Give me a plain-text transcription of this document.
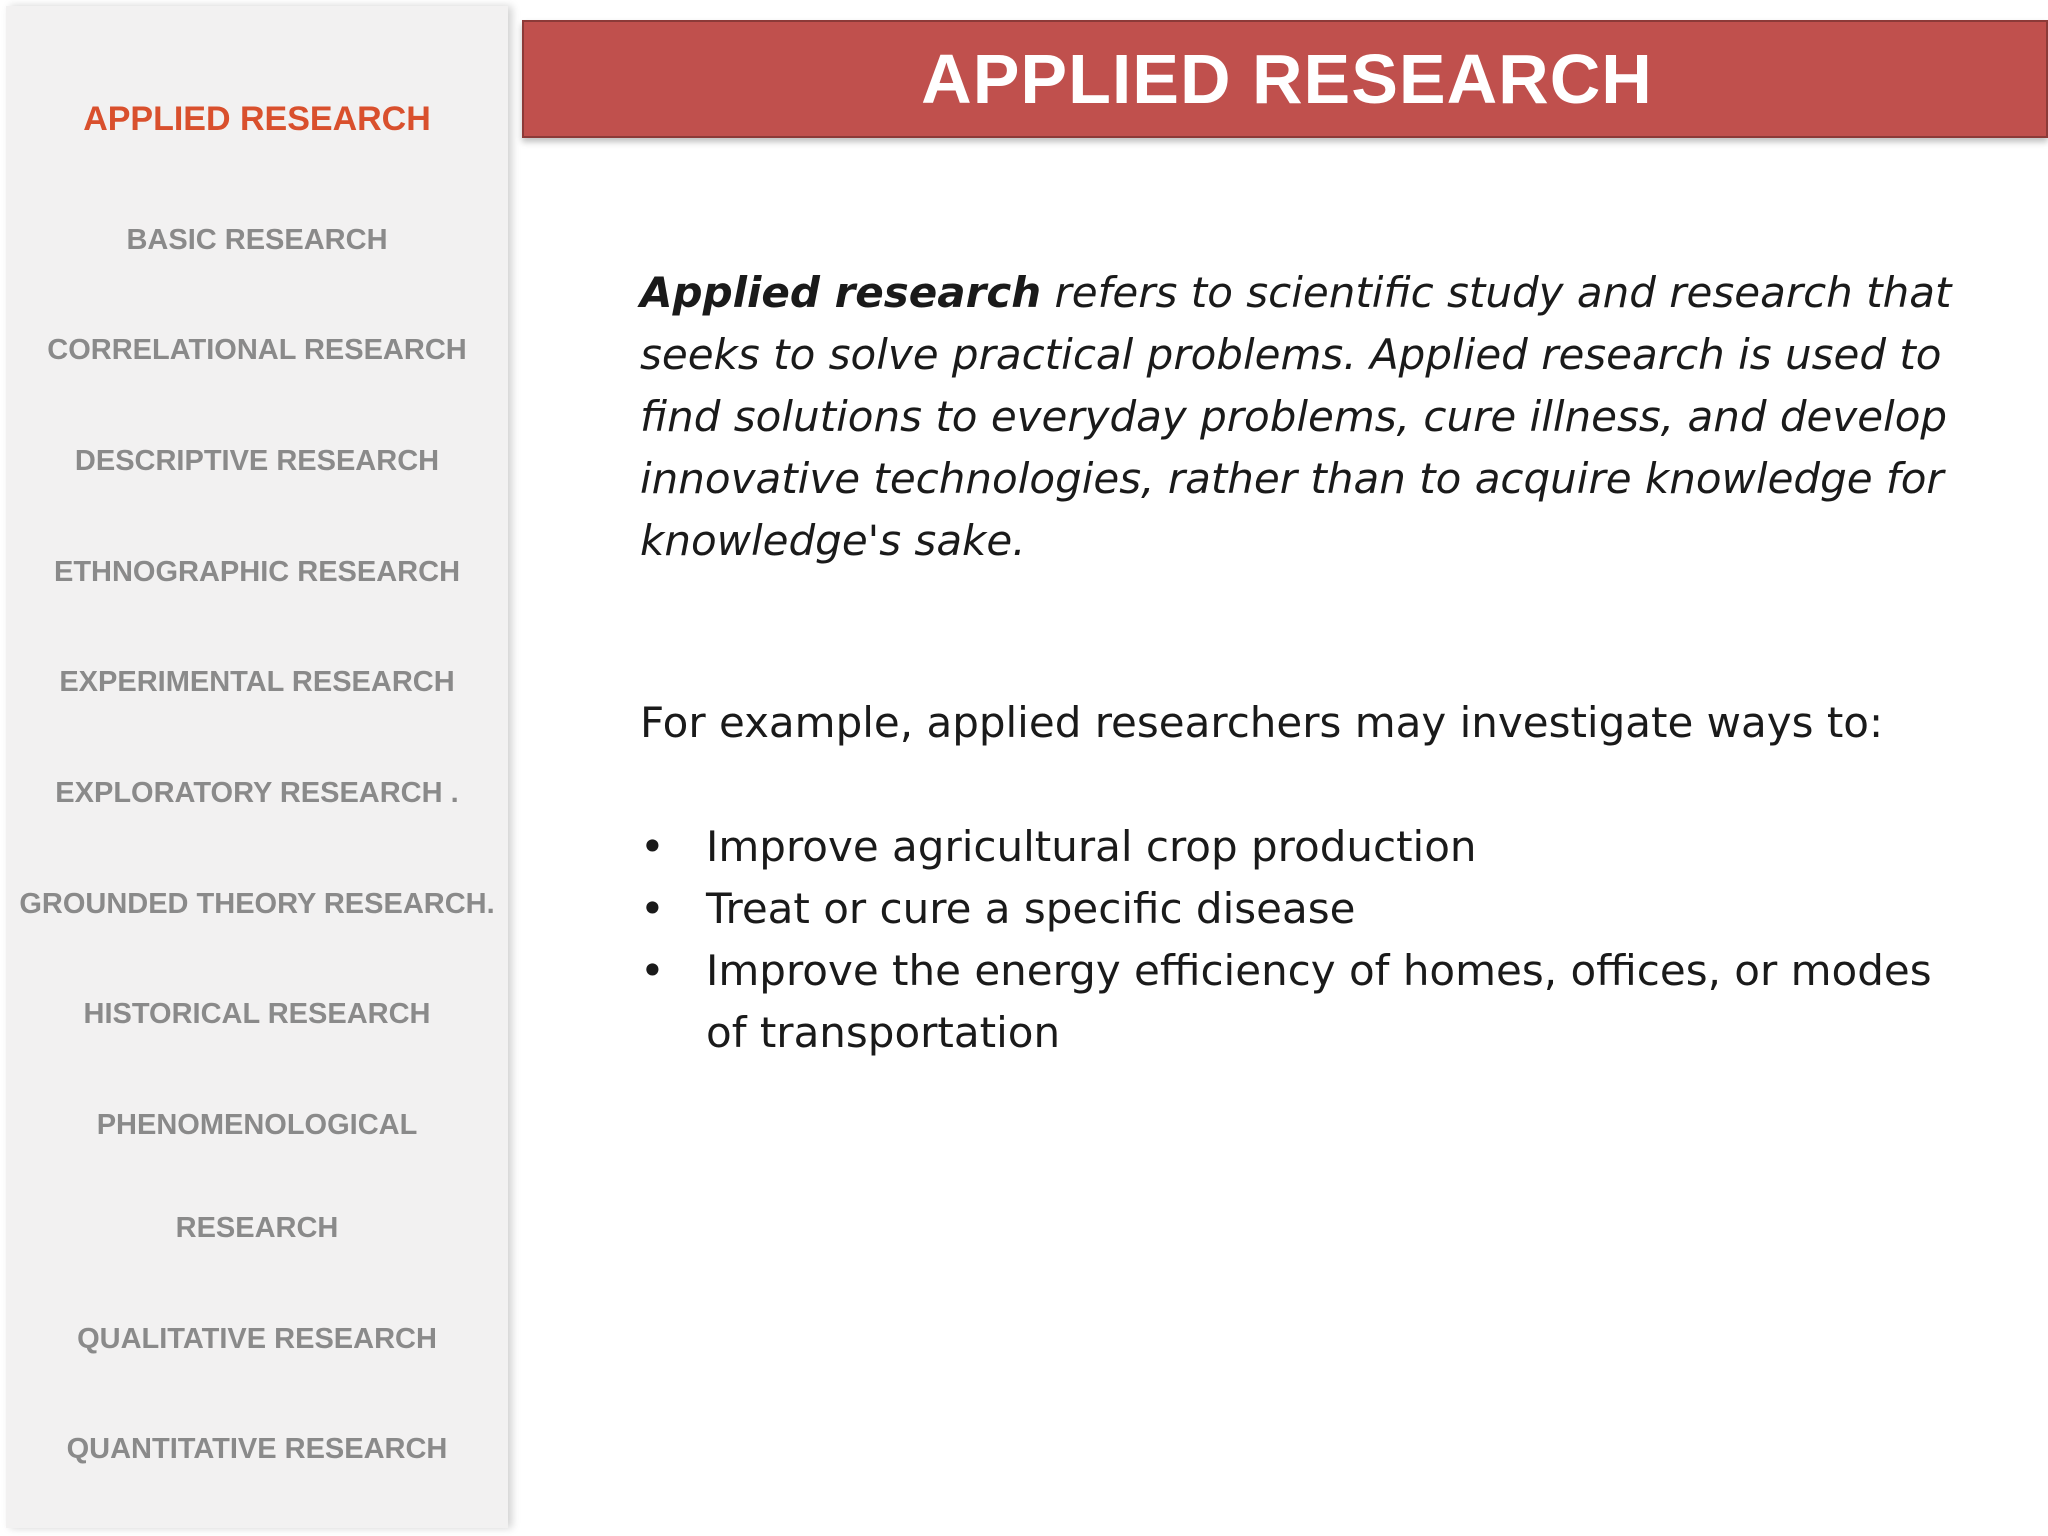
APPLIED RESEARCH
BASIC RESEARCH
CORRELATIONAL RESEARCH
DESCRIPTIVE RESEARCH
ETHNOGRAPHIC RESEARCH
EXPERIMENTAL RESEARCH
EXPLORATORY RESEARCH .
GROUNDED THEORY RESEARCH.
HISTORICAL RESEARCH
PHENOMENOLOGICAL
RESEARCH
QUALITATIVE RESEARCH
QUANTITATIVE RESEARCH
APPLIED RESEARCH

Applied research refers to scientific study and research that seeks to solve practical problems. Applied research is used to find solutions to everyday problems, cure illness, and develop innovative technologies, rather than to acquire knowledge for knowledge's sake.

For example, applied researchers may investigate ways to:

• Improve agricultural crop production
• Treat or cure a specific disease
• Improve the energy efficiency of homes, offices, or modes of transportation
